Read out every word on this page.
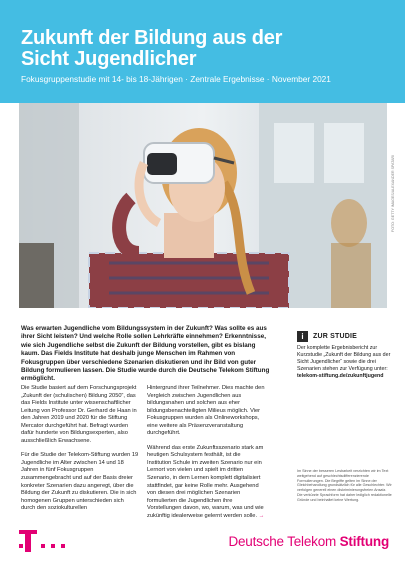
Zukunft der Bildung aus der
Sicht Jugendlicher
Fokusgruppenstudie mit 14- bis 18-Jährigen · Zentrale Ergebnisse · November 2021
FOTO: GETTY IMAGES/ALEXANDER SPATARI
Was erwarten Jugendliche vom Bildungssystem in der Zukunft? Was sollte es aus ihrer Sicht leisten? Und welche Rolle sollen Lehrkräfte einnehmen? Erkenntnisse, wie sich Jugendliche selbst die Zukunft der Bildung vorstellen, gibt es bislang kaum. Das Fields Institute hat deshalb junge Menschen im Rahmen von Fokusgruppen über verschiedene Szenarien diskutieren und ihr Bild von guter Bildung formulieren lassen. Die Studie wurde durch die Deutsche Telekom Stiftung ermöglicht.
i	ZUR STUDIE
Der komplette Ergebnisbericht zur Kurzstudie „Zukunft der Bildung aus der Sicht Jugendlicher“ sowie die drei Szenarien stehen zur Verfügung unter: telekom-stiftung.de/zukunftjugend

Die Studie basiert auf dem Forschungsprojekt „Zukunft der (schulischen) Bildung 2050“, das das Fields Institute unter wissenschaftlicher Leitung von Professor Dr. Gerhard de Haan in den Jahren 2019 und 2020 für die Stiftung Mercator durchgeführt hat. Befragt wurden dafür hunderte von Bildungsexperten, also ausschließlich Erwachsene.

Für die Studie der Telekom-Stiftung wurden 19 Jugendliche im Alter zwischen 14 und 18 Jahren in fünf Fokusgruppen zusammengebracht und auf der Basis dreier konkreter Szenarien dazu angeregt, über die Bildung der Zukunft zu diskutieren. Die in sich homogenen Gruppen unterschieden sich durch den soziokulturellen

Hintergrund ihrer Teilnehmer. Dies machte den Vergleich zwischen Jugendlichen aus bildungsnahen und solchen aus eher bildungsbenachteiligten Milieus möglich. Vier Fokusgruppen wurden als Onlineworkshops, eine weitere als Präsenzveranstaltung durchgeführt.

Während das erste Zukunftsszenario stark am heutigen Schulsystem festhält, ist die Institution Schule im zweiten Szenario nur ein Lernort von vielen und spielt im dritten Szenario, in dem Lernen komplett digitalisiert stattfindet, gar keine Rolle mehr. Ausgehend von diesen drei möglichen Szenarien formulierten die Jugendlichen ihre Vorstellungen davon, wo, warum, was und wie zukünftig idealerweise gelernt werden solle. →

Im Sinne der besseren Lesbarkeit verzichten wir im Text weitgehend auf geschlechtsdifferenzierende Formulierungen. Die Begriffe gelten im Sinne der Gleichbehandlung grundsätzlich für alle Geschlechter. Wir verfolgen generell einen diskriminierungsfreien Ansatz. Die verkürzte Sprachform hat daher lediglich redaktionelle Gründe und beinhaltet keine Wertung.
Deutsche Telekom Stiftung
